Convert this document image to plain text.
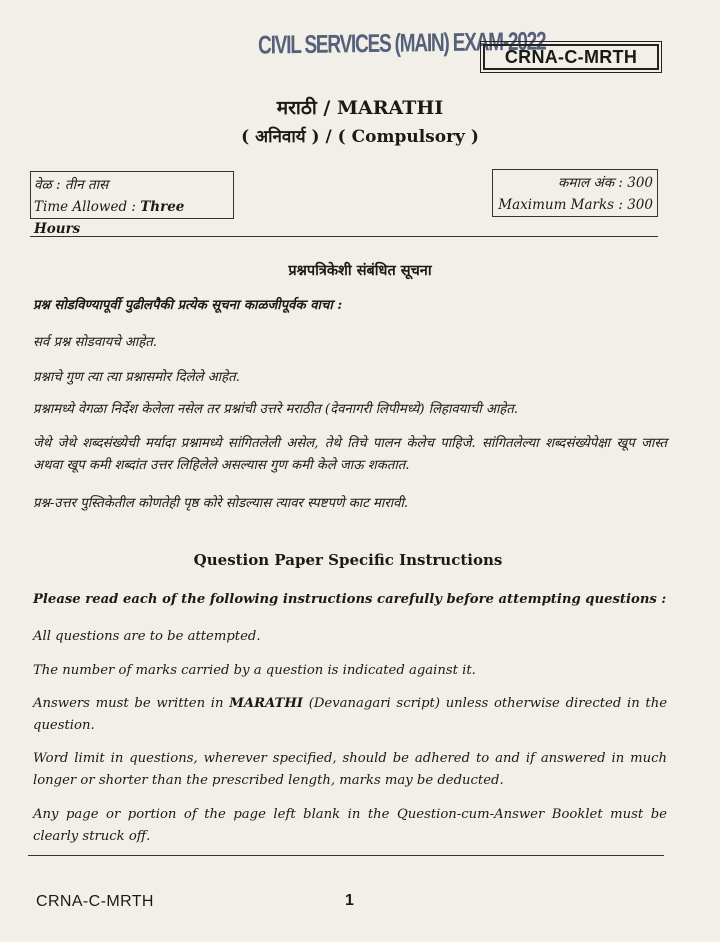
CIVIL SERVICES (MAIN) EXAM-2022
CRNA-C-MRTH
मराठी / MARATHI
( अनिवार्य ) / ( Compulsory )
वेळ : तीन तास
Time Allowed : Three Hours
कमाल अंक : 300
Maximum Marks : 300
प्रश्नपत्रिकेशी संबंधित सूचना
प्रश्न सोडविण्यापूर्वी पुढीलपैकी प्रत्येक सूचना काळजीपूर्वक वाचा :
सर्व प्रश्न सोडवायचे आहेत.
प्रश्नाचे गुण त्या त्या प्रश्नासमोर दिलेले आहेत.
प्रश्नामध्ये वेगळा निर्देश केलेला नसेल तर प्रश्नांची उत्तरे मराठीत (देवनागरी लिपीमध्ये) लिहावयाची आहेत.
जेथे जेथे शब्दसंख्येची मर्यादा प्रश्नामध्ये सांगितलेली असेल, तेथे तिचे पालन केलेच पाहिजे. सांगितलेल्या शब्दसंख्येपेक्षा खूप जास्त अथवा खूप कमी शब्दांत उत्तर लिहिलेले असल्यास गुण कमी केले जाऊ शकतात.
प्रश्न-उत्तर पुस्तिकेतील कोणतेही पृष्ठ कोरे सोडल्यास त्यावर स्पष्टपणे काट मारावी.
Question Paper Specific Instructions
Please read each of the following instructions carefully before attempting questions :
All questions are to be attempted.
The number of marks carried by a question is indicated against it.
Answers must be written in MARATHI (Devanagari script) unless otherwise directed in the question.
Word limit in questions, wherever specified, should be adhered to and if answered in much longer or shorter than the prescribed length, marks may be deducted.
Any page or portion of the page left blank in the Question-cum-Answer Booklet must be clearly struck off.
CRNA-C-MRTH	1
